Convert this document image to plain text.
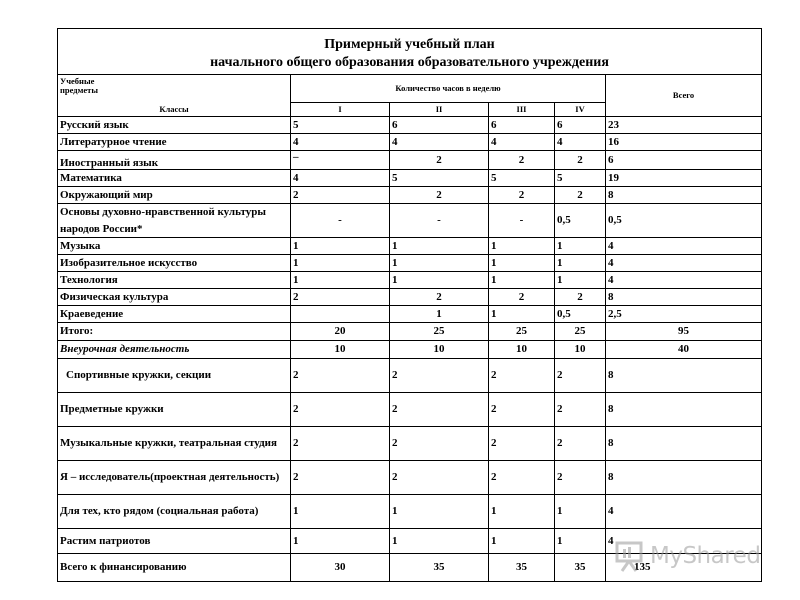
Примерный учебный план
начального общего образования образовательного учреждения					

Учебные предметы
Классы	Количество часов в неделю				Всего
	I	II	III	IV	
Русский язык	5	6	6	6	23
Литературное чтение	4	4	4	4	16
Иностранный язык	–	2	2	2	6
Математика	4	5	5	5	19
Окружающий мир	2	2	2	2	8
Основы духовно-нравственной культуры народов России*	-	-	-	0,5	0,5
Музыка	1	1	1	1	4
Изобразительное искусство	1	1	1	1	4
Технология	1	1	1	1	4
Физическая культура	2	2	2	2	8
Краеведение		1	1	0,5	2,5
Итого:	20	25	25	25	95
Внеурочная деятельность	10	10	10	10	40
Спортивные кружки, секции	2	2	2	2	8
Предметные кружки	2	2	2	2	8
Музыкальные кружки, театральная студия	2	2	2	2	8
Я – исследователь(проектная деятельность)	2	2	2	2	8
Для тех, кто рядом (социальная работа)	1	1	1	1	4
Растим патриотов	1	1	1	1	4
Всего к финансированию	30	35	35	35	135 MyShared
